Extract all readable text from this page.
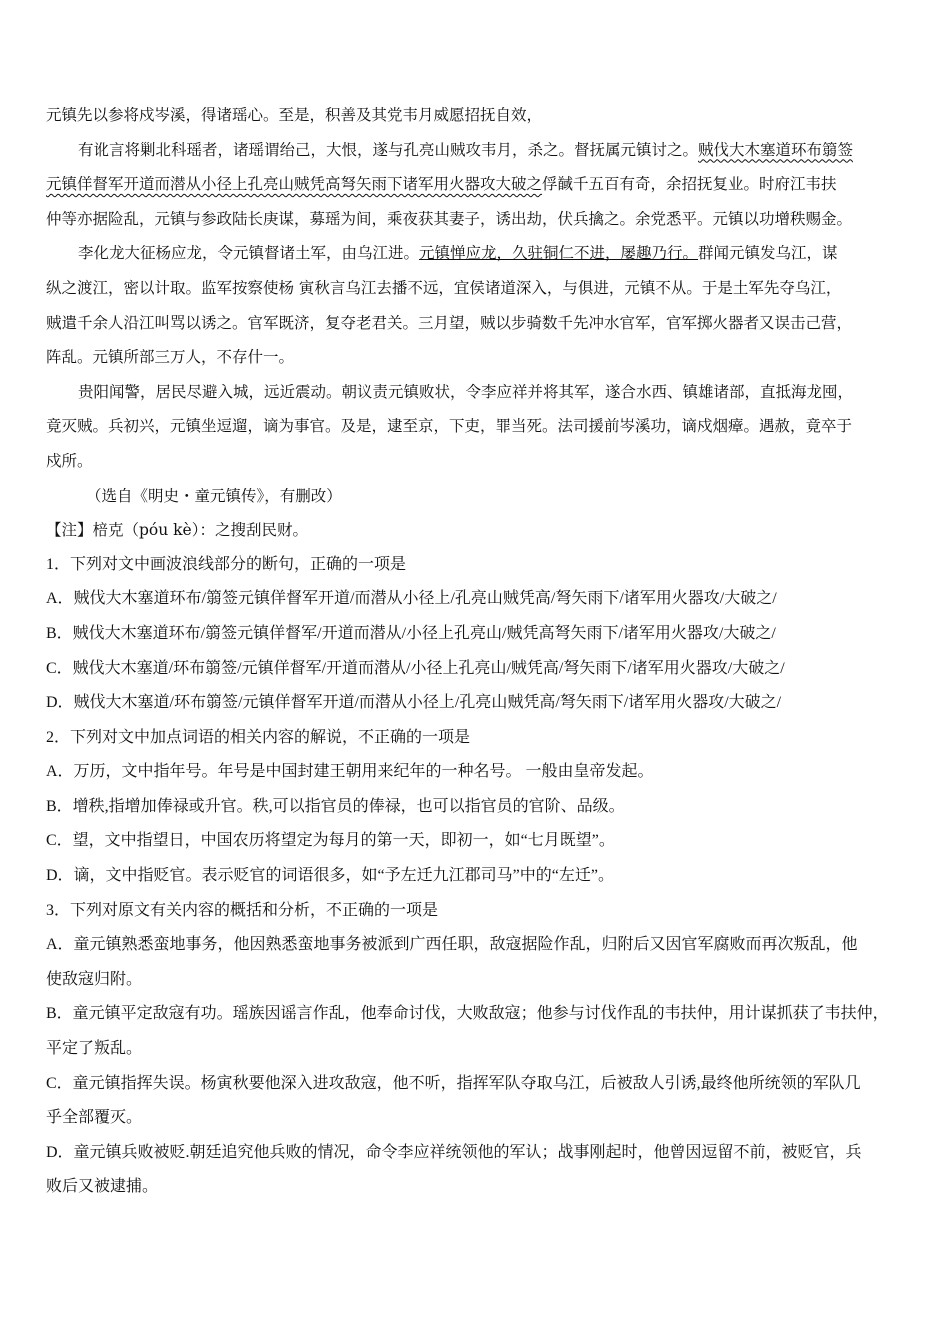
元镇先以参将戍岑溪，得诸瑶心。至是，积善及其党韦月威愿招抚自效，

有讹言将剿北科瑶者，诸瑶谓绐己，大恨，遂与孔亮山贼攻韦月，杀之。督抚属元镇讨之。贼伐大木塞道环布篛签

元镇佯督军开道而潜从小径上孔亮山贼凭高弩矢雨下诸军用火器攻大破之俘馘千五百有奇，余招抚复业。时府江韦扶

仲等亦据险乱，元镇与参政陆长庚谋，募瑶为间，乘夜获其妻子，诱出劫，伏兵擒之。余党悉平。元镇以功增秩赐金。

李化龙大征杨应龙，令元镇督诸土军，由乌江进。元镇惮应龙，久驻铜仁不进，屡趣乃行。群闻元镇发乌江，谋

纵之渡江，密以计取。监军按察使杨 寅秋言乌江去播不远，宜侯诸道深入，与俱进，元镇不从。于是土军先夺乌江，

贼遣千余人沿江叫骂以诱之。官军既济，复夺老君关。三月望，贼以步骑数千先冲水官军，官军掷火器者又误击己营，

阵乱。元镇所部三万人，不存什一。

贵阳闻警，居民尽避入城，远近震动。朝议责元镇败状，令李应祥并将其军，遂合水西、镇雄诸部，直抵海龙囤，

竟灭贼。兵初兴，元镇坐逗遛，谪为事官。及是，逮至京，下吏，罪当死。法司援前岑溪功，谪戍烟瘴。遇赦，竟卒于

戍所。

（选自《明史・童元镇传》，有删改）

【注】棓克（póu kè）：之搜刮民财。

1．下列对文中画波浪线部分的断句，正确的一项是

A．贼伐大木塞道环布/篛签元镇佯督军开道/而潜从小径上/孔亮山贼凭高/弩矢雨下/诸军用火器攻/大破之/

B．贼伐大木塞道环布/篛签元镇佯督军/开道而潜从/小径上孔亮山/贼凭高弩矢雨下/诸军用火器攻/大破之/

C．贼伐大木塞道/环布篛签/元镇佯督军/开道而潜从/小径上孔亮山/贼凭高/弩矢雨下/诸军用火器攻/大破之/

D．贼伐大木塞道/环布篛签/元镇佯督军开道/而潜从小径上/孔亮山贼凭高/弩矢雨下/诸军用火器攻/大破之/

2．下列对文中加点词语的相关内容的解说，不正确的一项是

A．万历，文中指年号。年号是中国封建王朝用来纪年的一种名号。 一般由皇帝发起。

B．增秩,指增加俸禄或升官。秩,可以指官员的俸禄，也可以指官员的官阶、品级。

C．望，文中指望日，中国农历将望定为每月的第一天，即初一，如“七月既望”。

D．谪，文中指贬官。表示贬官的词语很多，如“予左迁九江郡司马”中的“左迁”。

3．下列对原文有关内容的概括和分析，不正确的一项是

A．童元镇熟悉蛮地事务，他因熟悉蛮地事务被派到广西任职，敌寇据险作乱，归附后又因官军腐败而再次叛乱，他

使敌寇归附。

B．童元镇平定敌寇有功。瑶族因谣言作乱，他奉命讨伐，大败敌寇；他参与讨伐作乱的韦扶仲，用计谋抓获了韦扶仲，

平定了叛乱。

C．童元镇指挥失误。杨寅秋要他深入进攻敌寇，他不听，指挥军队夺取乌江，后被敌人引诱,最终他所统领的军队几

乎全部覆灭。

D．童元镇兵败被贬.朝廷追究他兵败的情况，命令李应祥统领他的军认；战事刚起时，他曾因逗留不前，被贬官，兵

败后又被逮捕。
